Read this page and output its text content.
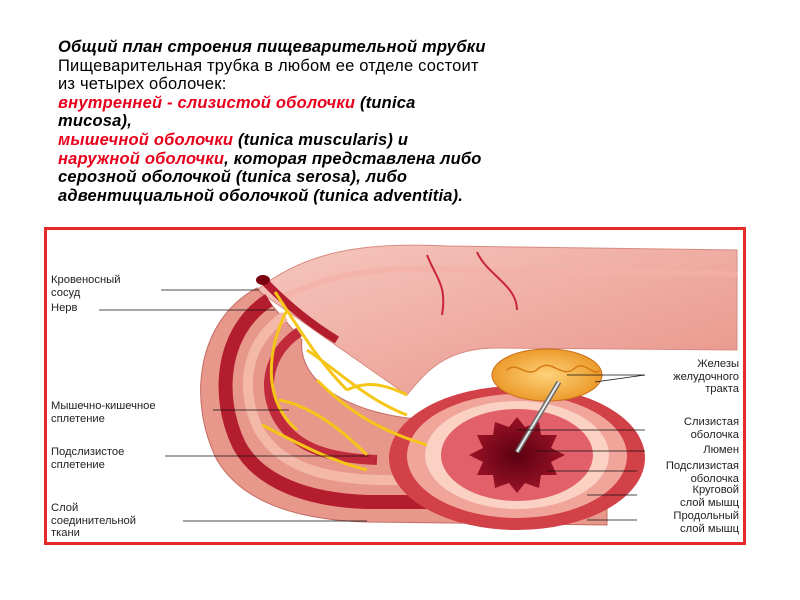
Общий план строения пищеварительной трубки
Пищеварительная трубка в любом ее отделе состоит
из четырех оболочек:
внутренней - слизистой оболочки (tunica
mucosa),
мышечной оболочки (tunica muscularis) и
наружной оболочки, которая представлена либо
серозной оболочкой (tunica serosa), либо
адвентициальной оболочкой (tunica adventitia).
Кровеносный
сосуд
Нерв
Мышечно-кишечное
сплетение
Подслизистое
сплетение
Слой
соединительной
ткани
Железы
желудочного
тракта
Слизистая
оболочка
Люмен
Подслизистая
оболочка
Круговой
слой мышц
Продольный
слой мышц
